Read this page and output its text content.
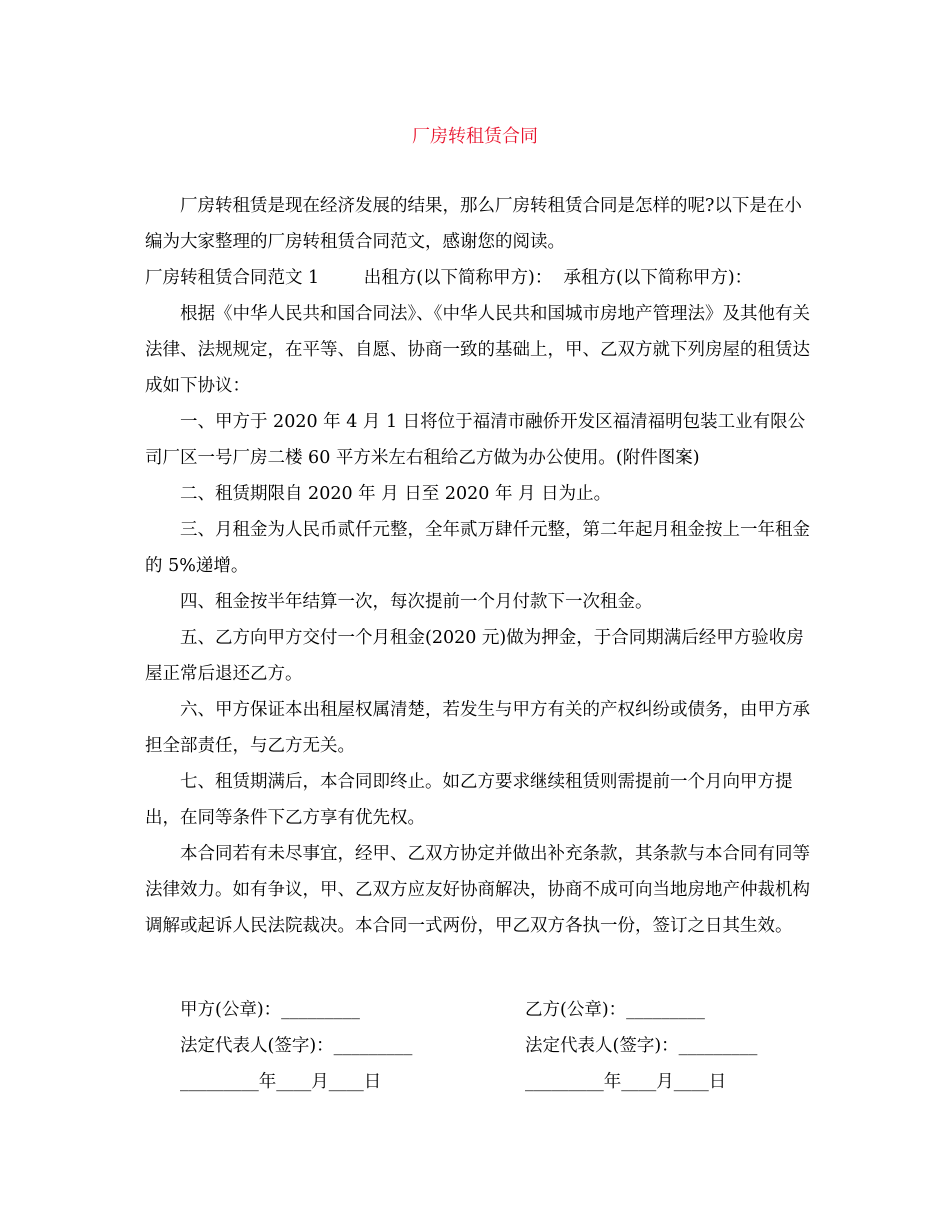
厂房转租赁合同

厂房转租赁是现在经济发展的结果，那么厂房转租赁合同是怎样的呢?以下是在小编为大家整理的厂房转租赁合同范文，感谢您的阅读。

厂房转租赁合同范文 1	出租方(以下简称甲方)： 承租方(以下简称甲方)：

根据《中华人民共和国合同法》、《中华人民共和国城市房地产管理法》及其他有关法律、法规规定，在平等、自愿、协商一致的基础上，甲、乙双方就下列房屋的租赁达成如下协议：

一、甲方于 2020 年 4 月 1 日将位于福清市融侨开发区福清福明包装工业有限公司厂区一号厂房二楼 60 平方米左右租给乙方做为办公使用。(附件图案)

二、租赁期限自 2020 年 月 日至 2020 年 月 日为止。

三、月租金为人民币贰仟元整，全年贰万肆仟元整，第二年起月租金按上一年租金的 5%递增。

四、租金按半年结算一次，每次提前一个月付款下一次租金。

五、乙方向甲方交付一个月租金(2020 元)做为押金，于合同期满后经甲方验收房屋正常后退还乙方。

六、甲方保证本出租屋权属清楚，若发生与甲方有关的产权纠纷或债务，由甲方承担全部责任，与乙方无关。

七、租赁期满后，本合同即终止。如乙方要求继续租赁则需提前一个月向甲方提出，在同等条件下乙方享有优先权。

本合同若有未尽事宜，经甲、乙双方协定并做出补充条款，其条款与本合同有同等法律效力。如有争议，甲、乙双方应友好协商解决，协商不成可向当地房地产仲裁机构调解或起诉人民法院裁决。本合同一式两份，甲乙双方各执一份，签订之日其生效。

甲方(公章)：_________	乙方(公章)：_________
法定代表人(签字)：_________	法定代表人(签字)：_________
_________年____月____日	_________年____月____日
